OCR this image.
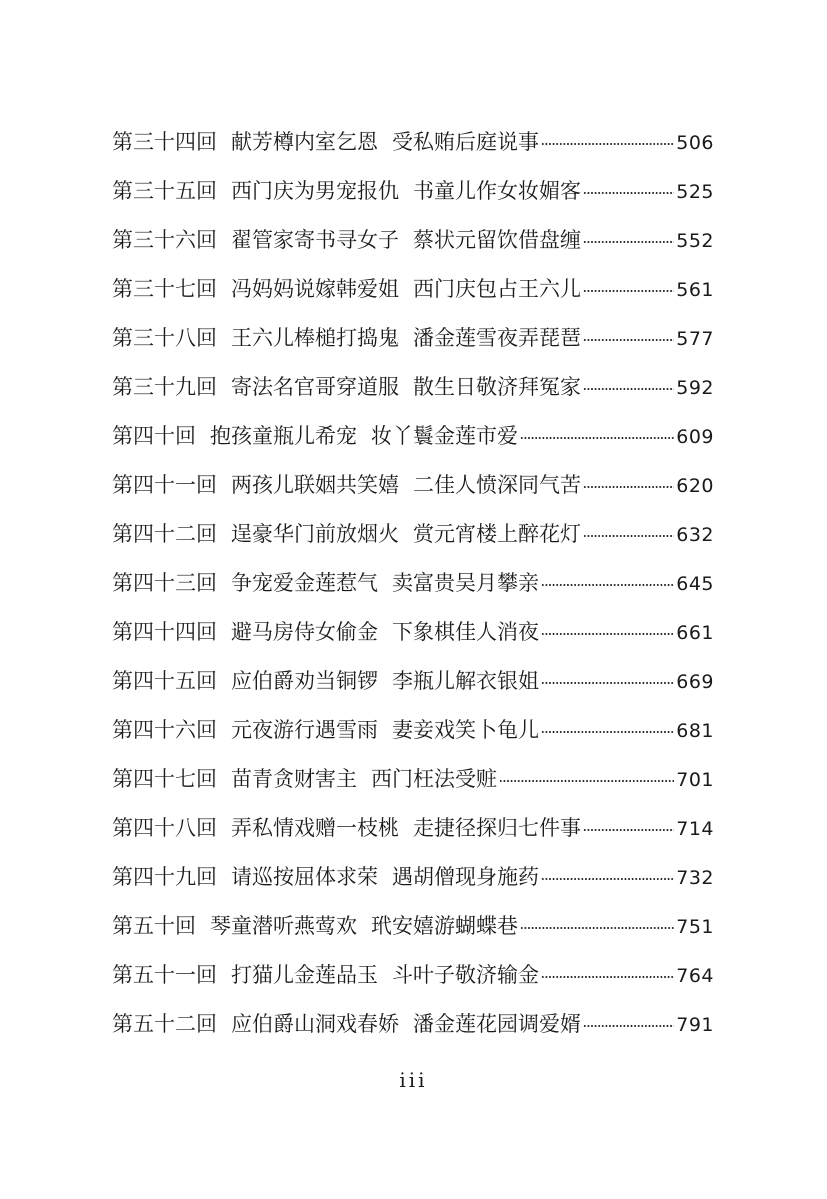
第三十四回 献芳樽内室乞恩 受私贿后庭说事	506
第三十五回 西门庆为男宠报仇 书童儿作女妆媚客	525
第三十六回 翟管家寄书寻女子 蔡状元留饮借盘缠	552
第三十七回 冯妈妈说嫁韩爱姐 西门庆包占王六儿	561
第三十八回 王六儿棒槌打捣鬼 潘金莲雪夜弄琵琶	577
第三十九回 寄法名官哥穿道服 散生日敬济拜冤家	592
第四十回 抱孩童瓶儿希宠 妆丫鬟金莲市爱	609
第四十一回 两孩儿联姻共笑嬉 二佳人愤深同气苦	620
第四十二回 逞豪华门前放烟火 赏元宵楼上醉花灯	632
第四十三回 争宠爱金莲惹气 卖富贵吴月攀亲	645
第四十四回 避马房侍女偷金 下象棋佳人消夜	661
第四十五回 应伯爵劝当铜锣 李瓶儿解衣银姐	669
第四十六回 元夜游行遇雪雨 妻妾戏笑卜龟儿	681
第四十七回 苗青贪财害主 西门枉法受赃	701
第四十八回 弄私情戏赠一枝桃 走捷径探归七件事	714
第四十九回 请巡按屈体求荣 遇胡僧现身施药	732
第五十回 琴童潜听燕莺欢 玳安嬉游蝴蝶巷	751
第五十一回 打猫儿金莲品玉 斗叶子敬济输金	764
第五十二回 应伯爵山洞戏春娇 潘金莲花园调爱婿	791
iii
